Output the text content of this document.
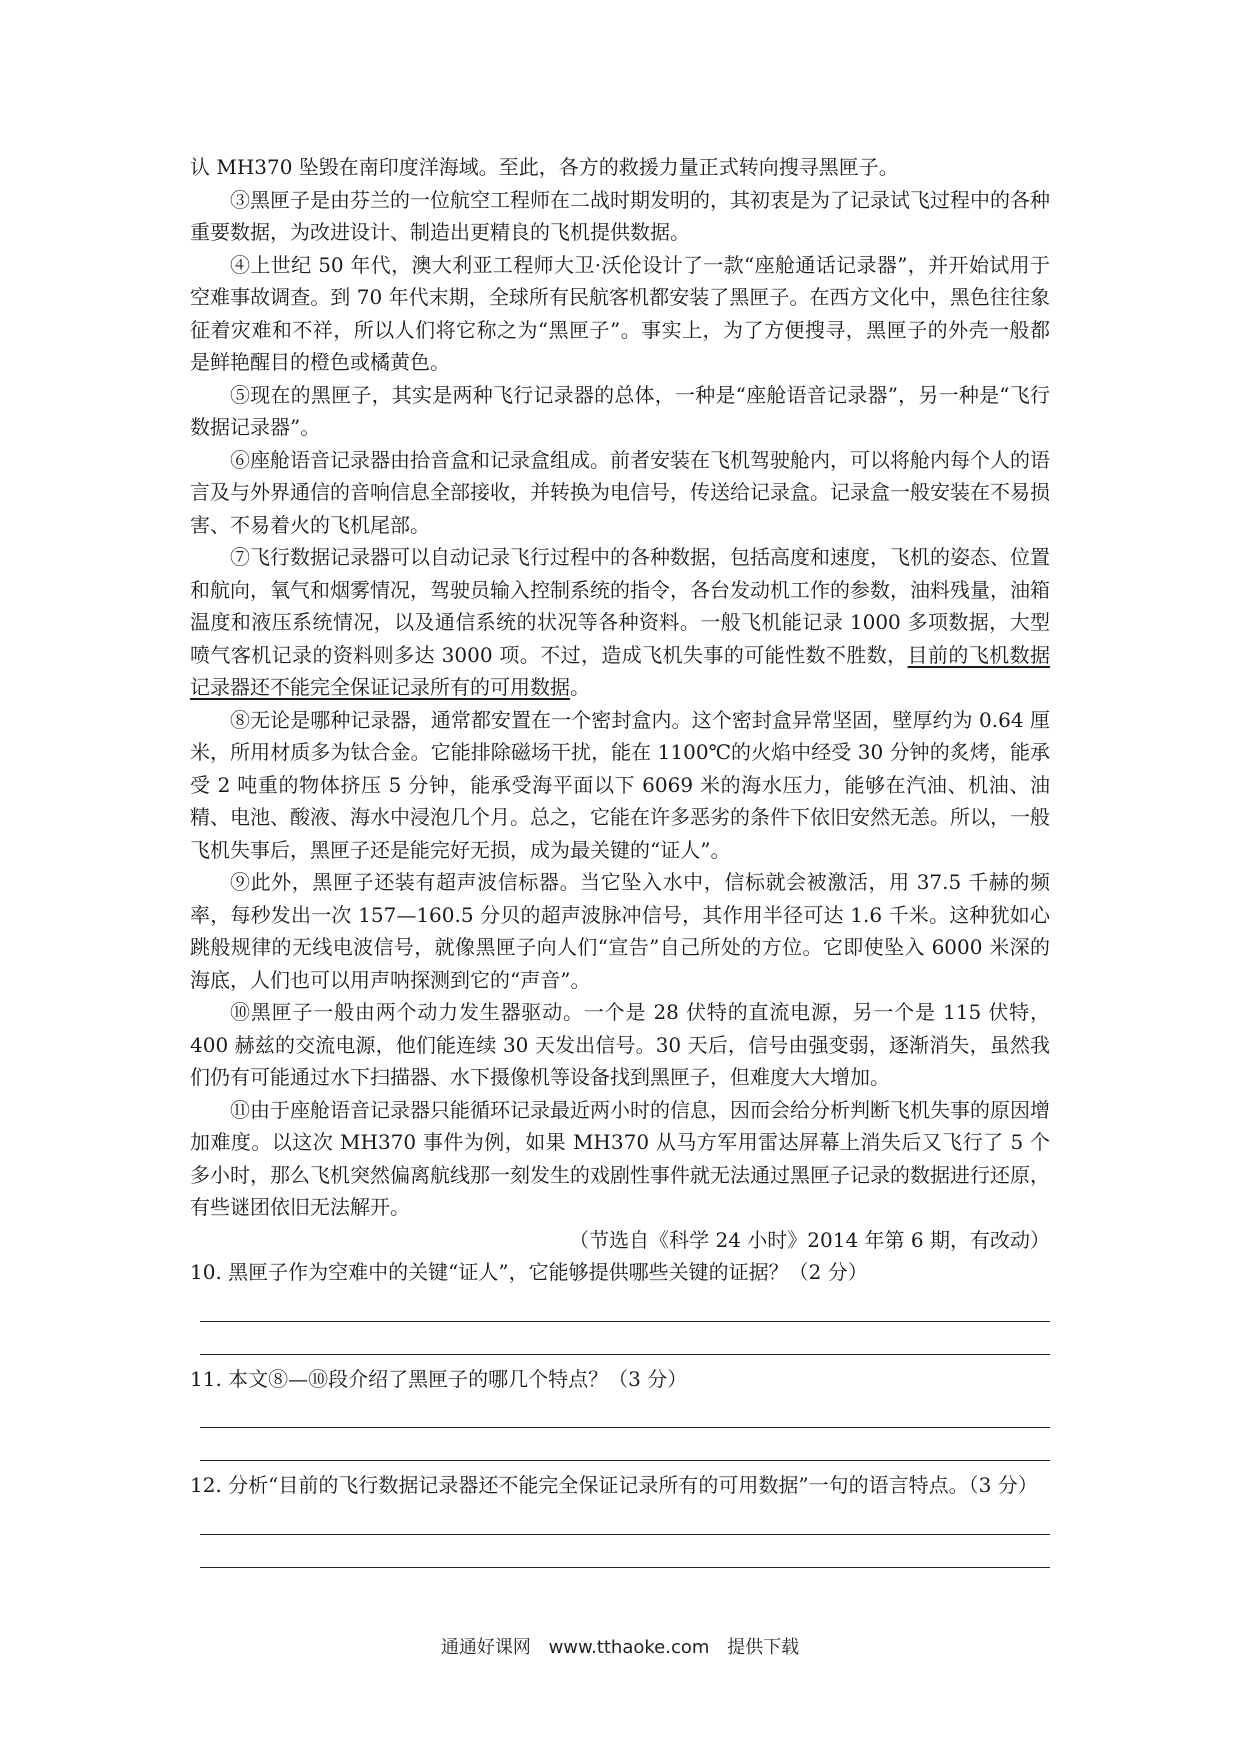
认 MH370 坠毁在南印度洋海域。至此，各方的救援力量正式转向搜寻黑匣子。

③黑匣子是由芬兰的一位航空工程师在二战时期发明的，其初衷是为了记录试飞过程中的各种重要数据，为改进设计、制造出更精良的飞机提供数据。

④上世纪 50 年代，澳大利亚工程师大卫·沃伦设计了一款“座舱通话记录器”，并开始试用于空难事故调查。到 70 年代末期，全球所有民航客机都安装了黑匣子。在西方文化中，黑色往往象征着灾难和不祥，所以人们将它称之为“黑匣子”。事实上，为了方便搜寻，黑匣子的外壳一般都是鲜艳醒目的橙色或橘黄色。

⑤现在的黑匣子，其实是两种飞行记录器的总体，一种是“座舱语音记录器”，另一种是“飞行数据记录器”。

⑥座舱语音记录器由拾音盒和记录盒组成。前者安装在飞机驾驶舱内，可以将舱内每个人的语言及与外界通信的音响信息全部接收，并转换为电信号，传送给记录盒。记录盒一般安装在不易损害、不易着火的飞机尾部。

⑦飞行数据记录器可以自动记录飞行过程中的各种数据，包括高度和速度，飞机的姿态、位置和航向，氧气和烟雾情况，驾驶员输入控制系统的指令，各台发动机工作的参数，油料残量，油箱温度和液压系统情况，以及通信系统的状况等各种资料。一般飞机能记录 1000 多项数据，大型喷气客机记录的资料则多达 3000 项。不过，造成飞机失事的可能性数不胜数，目前的飞机数据记录器还不能完全保证记录所有的可用数据。

⑧无论是哪种记录器，通常都安置在一个密封盒内。这个密封盒异常坚固，壁厚约为 0.64 厘米，所用材质多为钛合金。它能排除磁场干扰，能在 1100℃的火焰中经受 30 分钟的炙烤，能承受 2 吨重的物体挤压 5 分钟，能承受海平面以下 6069 米的海水压力，能够在汽油、机油、油精、电池、酸液、海水中浸泡几个月。总之，它能在许多恶劣的条件下依旧安然无恙。所以，一般飞机失事后，黑匣子还是能完好无损，成为最关键的“证人”。

⑨此外，黑匣子还装有超声波信标器。当它坠入水中，信标就会被激活，用 37.5 千赫的频率，每秒发出一次 157—160.5 分贝的超声波脉冲信号，其作用半径可达 1.6 千米。这种犹如心跳般规律的无线电波信号，就像黑匣子向人们“宣告”自己所处的方位。它即使坠入 6000 米深的海底，人们也可以用声呐探测到它的“声音”。

⑩黑匣子一般由两个动力发生器驱动。一个是 28 伏特的直流电源，另一个是 115 伏特，400 赫兹的交流电源，他们能连续 30 天发出信号。30 天后，信号由强变弱，逐渐消失，虽然我们仍有可能通过水下扫描器、水下摄像机等设备找到黑匣子，但难度大大增加。

⑪由于座舱语音记录器只能循环记录最近两小时的信息，因而会给分析判断飞机失事的原因增加难度。以这次 MH370 事件为例，如果 MH370 从马方军用雷达屏幕上消失后又飞行了 5 个多小时，那么飞机突然偏离航线那一刻发生的戏剧性事件就无法通过黑匣子记录的数据进行还原，有些谜团依旧无法解开。

（节选自《科学 24 小时》2014 年第 6 期，有改动）

10. 黑匣子作为空难中的关键“证人”，它能够提供哪些关键的证据？（2 分）

11. 本文⑧—⑩段介绍了黑匣子的哪几个特点？（3 分）

12. 分析“目前的飞行数据记录器还不能完全保证记录所有的可用数据”一句的语言特点。（3 分）

通通好课网 www.tthaoke.com 提供下载
